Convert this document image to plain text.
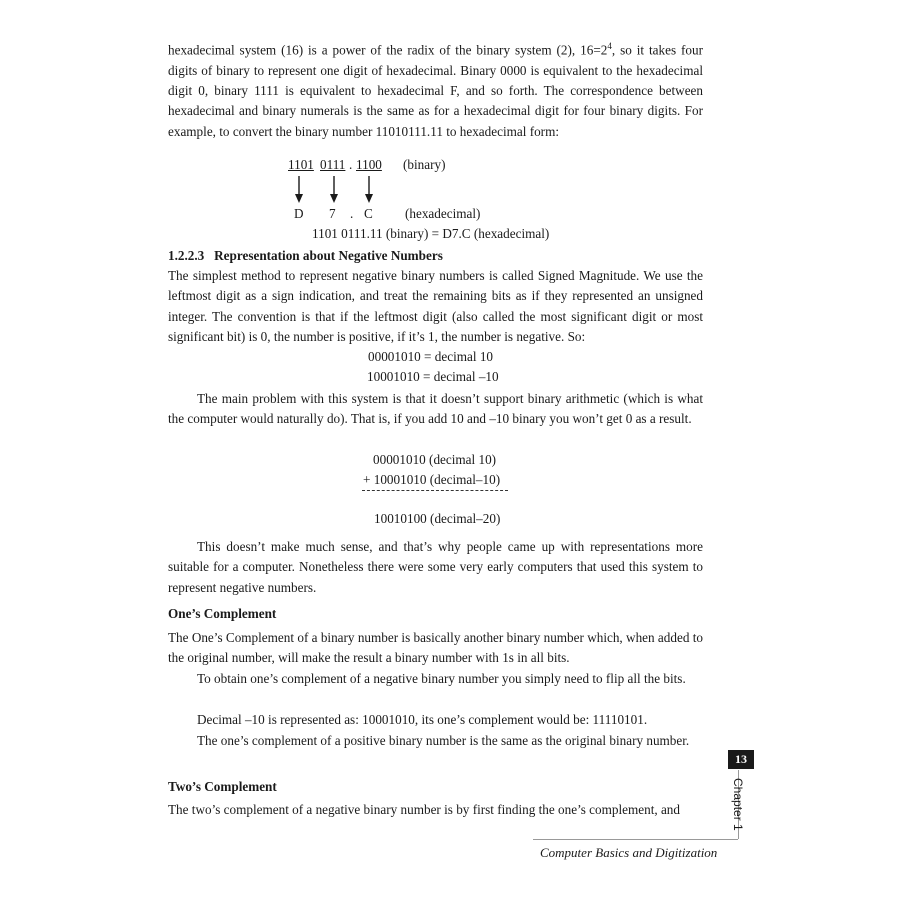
hexadecimal system (16) is a power of the radix of the binary system (2), $16=2^4$, so it takes four digits of binary to represent one digit of hexadecimal. Binary 0000 is equivalent to the hexadecimal digit 0, binary 1111 is equivalent to hexadecimal F, and so forth. The correspondence between hexadecimal and binary numerals is the same as for a hexadecimal digit for four binary digits. For example, to convert the binary number 11010111.11 to hexadecimal form:

1101 0111 . 1100 (binary)
D 7 . C (hexadecimal)
1101 0111.11 (binary) = D7.C (hexadecimal)
1.2.2.3 Representation about Negative Numbers

The simplest method to represent negative binary numbers is called Signed Magnitude. We use the leftmost digit as a sign indication, and treat the remaining bits as if they represented an unsigned integer. The convention is that if the leftmost digit (also called the most significant digit or most significant bit) is 0, the number is positive, if it’s 1, the number is negative. So:

00001010 = decimal 10
10001010 = decimal –10

The main problem with this system is that it doesn’t support binary arithmetic (which is what the computer would naturally do). That is, if you add 10 and –10 binary you won’t get 0 as a result.

00001010 (decimal 10)
+ 10001010 (decimal–10)
10010100 (decimal–20)

This doesn’t make much sense, and that’s why people came up with representations more suitable for a computer. Nonetheless there were some very early computers that used this system to represent negative numbers.

One’s Complement

The One’s Complement of a binary number is basically another binary number which, when added to the original number, will make the result a binary number with 1s in all bits.

To obtain one’s complement of a negative binary number you simply need to flip all the bits.

Decimal –10 is represented as: 10001010, its one’s complement would be: 11110101.

The one’s complement of a positive binary number is the same as the original binary number.

Two’s Complement

The two’s complement of a negative binary number is by first finding the one’s complement, and

13
Chapter 1
Computer Basics and Digitization
